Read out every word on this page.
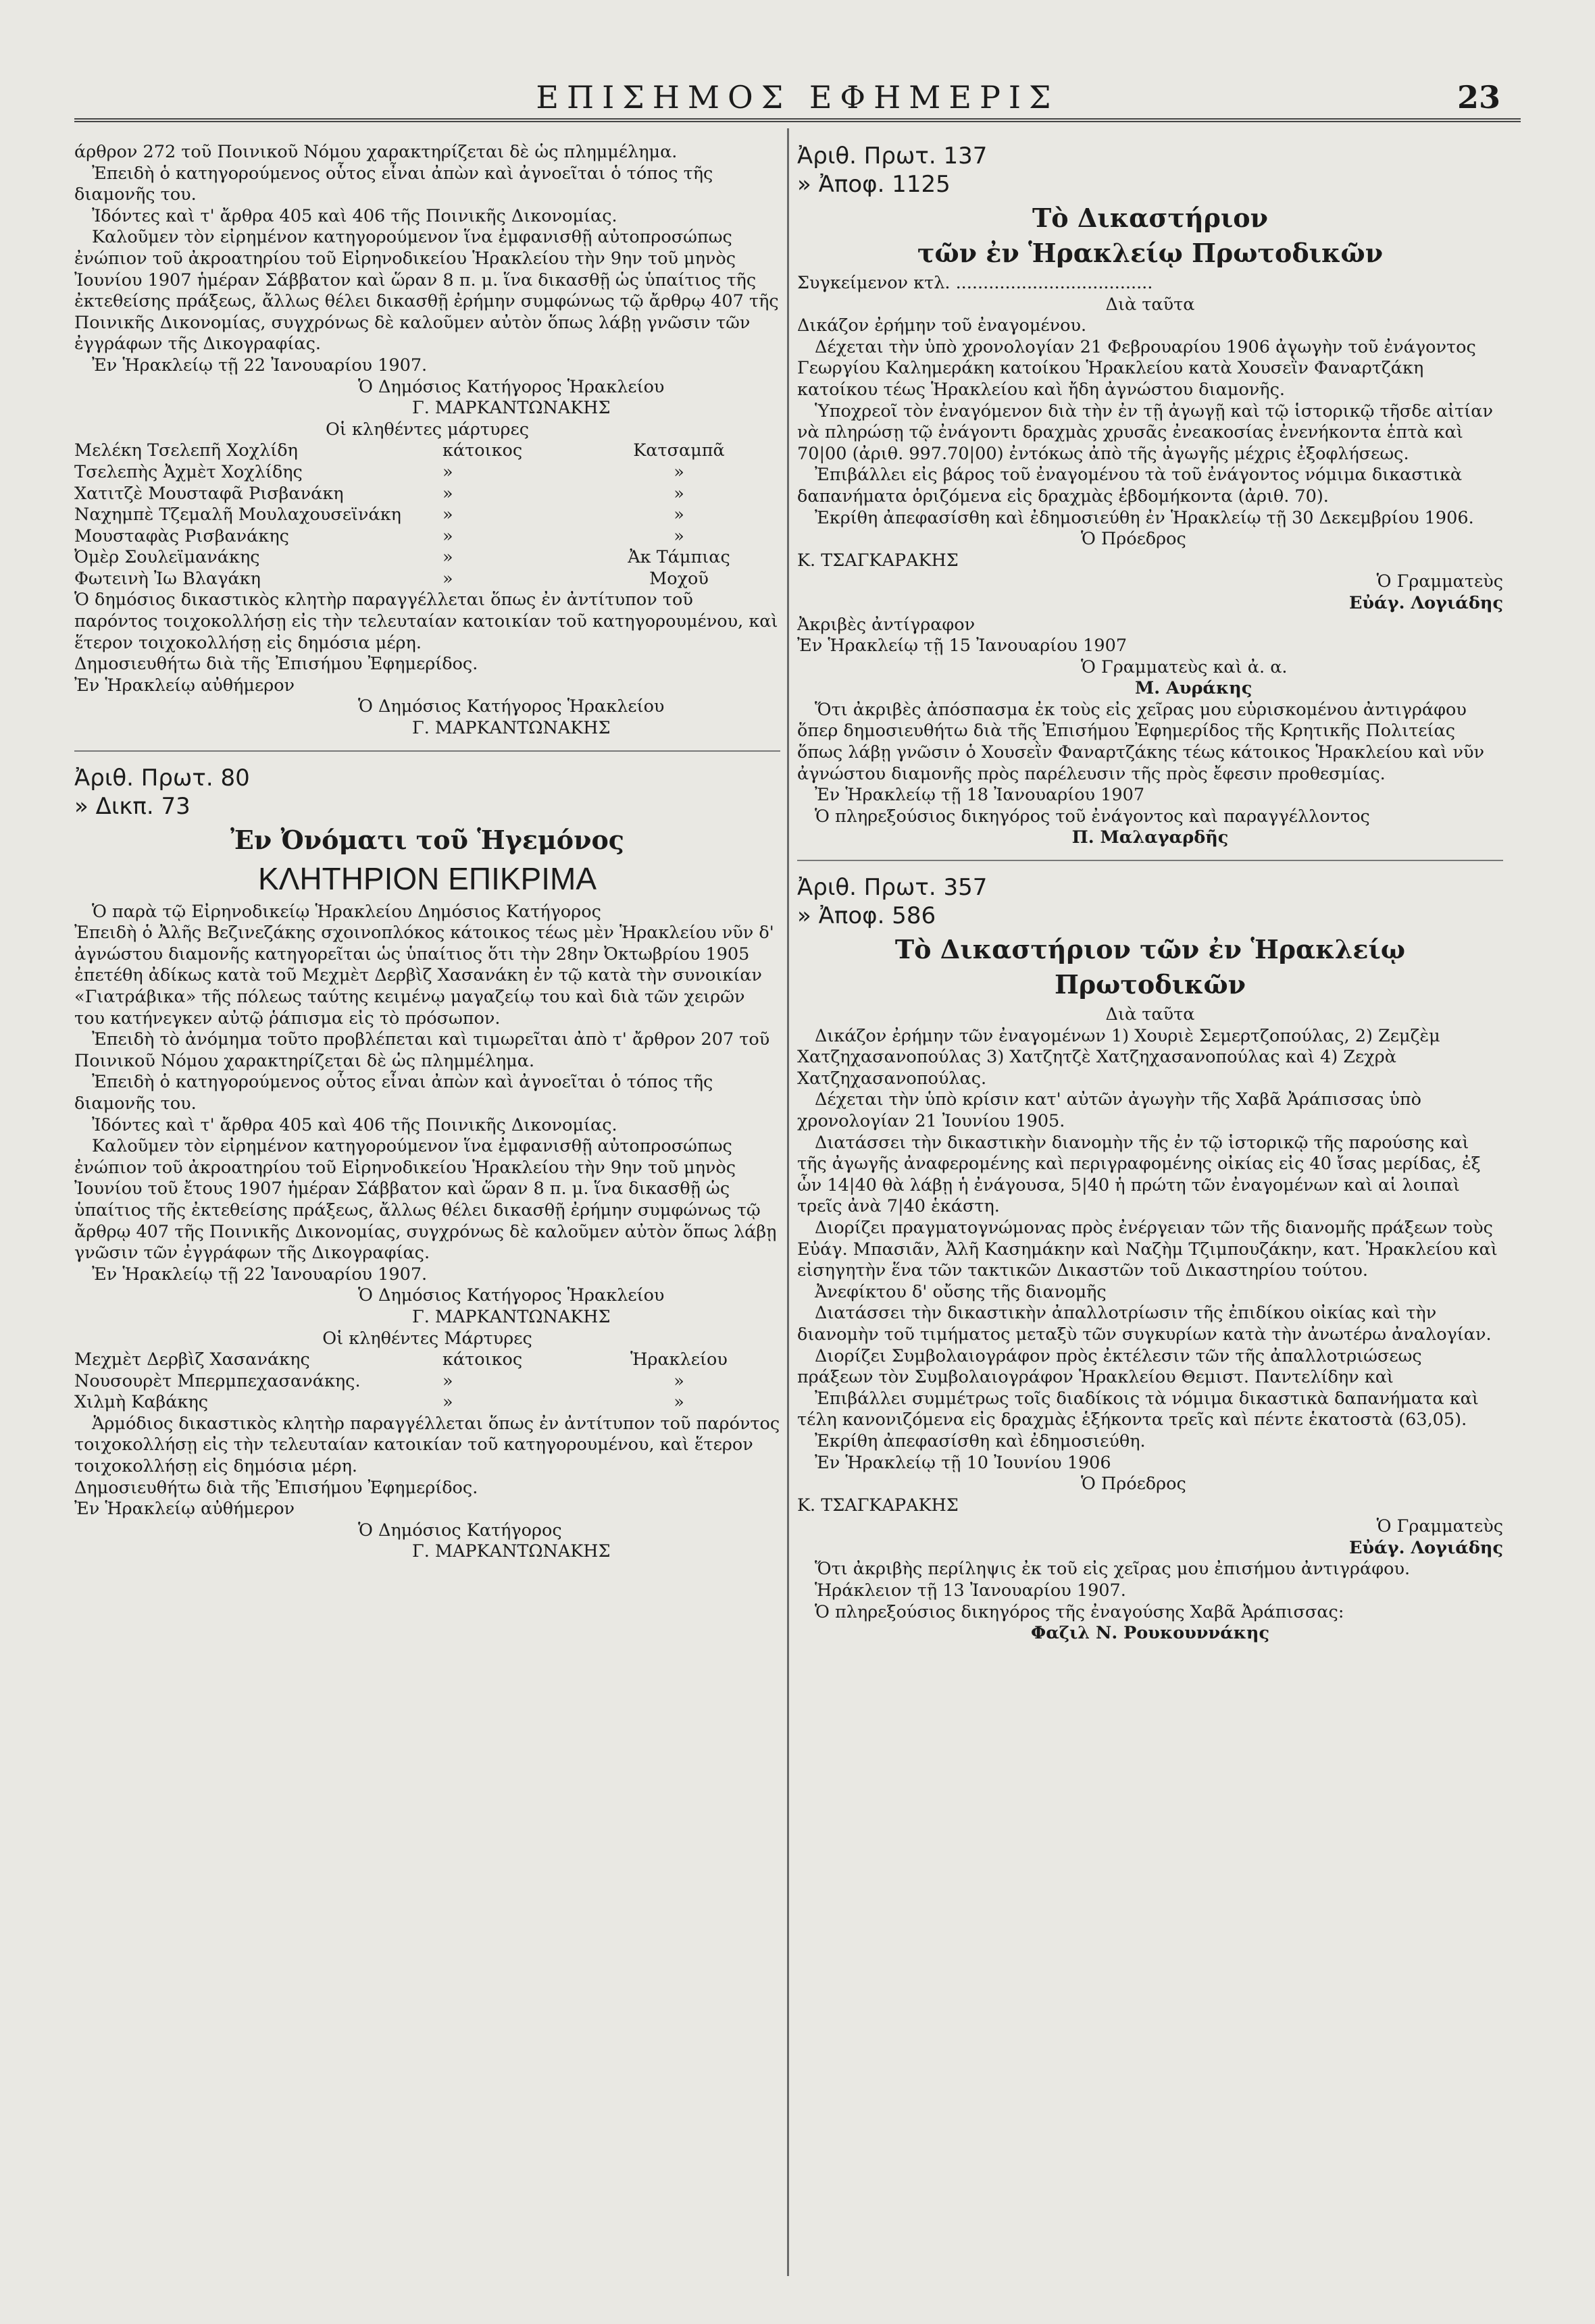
ΕΠΙΣΗΜΟΣ ΕΦΗΜΕΡΙΣ	23

άρθρον 272 τοῦ Ποινικοῦ Νόμου χαρακτηρίζεται δὲ ὡς πλημμέλημα.

Ἐπειδὴ ὁ κατηγορούμενος οὗτος εἶναι ἀπὼν καὶ ἀγνοεῖται ὁ τόπος τῆς διαμονῆς του.

Ἰδόντες καὶ τ' ἄρθρα 405 καὶ 406 τῆς Ποινικῆς Δικονομίας.

Καλοῦμεν τὸν εἰρημένον κατηγορούμενον ἵνα ἐμφανισθῇ αὐτοπροσώπως ἐνώπιον τοῦ ἀκροατηρίου τοῦ Εἰρηνοδικείου Ἡρακλείου τὴν 9ην τοῦ μηνὸς Ἰουνίου 1907 ἡμέραν Σάββατον καὶ ὥραν 8 π. μ. ἵνα δικασθῇ ὡς ὑπαίτιος τῆς ἐκτεθείσης πράξεως, ἄλλως θέλει δικασθῇ ἐρήμην συμφώνως τῷ ἄρθρῳ 407 τῆς Ποινικῆς Δικονομίας, συγχρόνως δὲ καλοῦμεν αὐτὸν ὅπως λάβῃ γνῶσιν τῶν ἐγγράφων τῆς Δικογραφίας.

Ἐν Ἡρακλείῳ τῇ 22 Ἰανουαρίου 1907.

Ὁ Δημόσιος Κατήγορος Ἡρακλείου

Γ. ΜΑΡΚΑΝΤΩΝΑΚΗΣ

Οἱ κληθέντες μάρτυρες

Μελέκη Τσελεπῆ Χοχλίδη	κάτοικος	Κατσαμπᾶ

Τσελεπὴς Ἀχμὲτ Χοχλίδης	»	»

Χατιτζὲ Μουσταφᾶ Ρισβανάκη	»	»

Ναχημπὲ Τζεμαλῆ Μουλαχουσεϊνάκη	»	»

Μουσταφὰς Ρισβανάκης	»	»

Ὀμὲρ Σουλεϊμανάκης	»	Ἀκ Τάμπιας

Φωτεινὴ Ἰω Βλαγάκη	»	Μοχοῦ

Ὁ δημόσιος δικαστικὸς κλητὴρ παραγγέλλεται ὅπως ἐν ἀντίτυπον τοῦ παρόντος τοιχοκολλήσῃ εἰς τὴν τελευταίαν κατοικίαν τοῦ κατηγορουμένου, καὶ ἕτερον τοιχοκολλήσῃ εἰς δημόσια μέρη.

Δημοσιευθήτω διὰ τῆς Ἐπισήμου Ἐφημερίδος.

Ἐν Ἡρακλείῳ αὐθήμερον

Ὁ Δημόσιος Κατήγορος Ἡρακλείου

Γ. ΜΑΡΚΑΝΤΩΝΑΚΗΣ

Ἀριθ. Πρωτ. 80

» Δικπ. 73

Ἐν Ὀνόματι τοῦ Ἡγεμόνος

ΚΛΗΤΗΡΙΟΝ ΕΠΙΚΡΙΜΑ

Ὁ παρὰ τῷ Εἰρηνοδικείῳ Ἡρακλείου Δημόσιος Κατήγορος

Ἐπειδὴ ὁ Ἀλῆς Βεζινεζάκης σχοινοπλόκος κάτοικος τέως μὲν Ἡρακλείου νῦν δ' ἀγνώστου διαμονῆς κατηγορεῖται ὡς ὑπαίτιος ὅτι τὴν 28ην Ὀκτωβρίου 1905 ἐπετέθη ἀδίκως κατὰ τοῦ Μεχμὲτ Δερβὶζ Χασανάκη ἐν τῷ κατὰ τὴν συνοικίαν «Γιατράβικα» τῆς πόλεως ταύτης κειμένῳ μαγαζείῳ του καὶ διὰ τῶν χειρῶν του κατήνεγκεν αὐτῷ ῥάπισμα εἰς τὸ πρόσωπον.

Ἐπειδὴ τὸ ἀνόμημα τοῦτο προβλέπεται καὶ τιμωρεῖται ἀπὸ τ' ἄρθρον 207 τοῦ Ποινικοῦ Νόμου χαρακτηρίζεται δὲ ὡς πλημμέλημα.

Ἐπειδὴ ὁ κατηγορούμενος οὗτος εἶναι ἀπὼν καὶ ἀγνοεῖται ὁ τόπος τῆς διαμονῆς του.

Ἰδόντες καὶ τ' ἄρθρα 405 καὶ 406 τῆς Ποινικῆς Δικονομίας.

Καλοῦμεν τὸν εἰρημένον κατηγορούμενον ἵνα ἐμφανισθῇ αὐτοπροσώπως ἐνώπιον τοῦ ἀκροατηρίου τοῦ Εἰρηνοδικείου Ἡρακλείου τὴν 9ην τοῦ μηνὸς Ἰουνίου τοῦ ἔτους 1907 ἡμέραν Σάββατον καὶ ὥραν 8 π. μ. ἵνα δικασθῇ ὡς ὑπαίτιος τῆς ἐκτεθείσης πράξεως, ἄλλως θέλει δικασθῇ ἐρήμην συμφώνως τῷ ἄρθρῳ 407 τῆς Ποινικῆς Δικονομίας, συγχρόνως δὲ καλοῦμεν αὐτὸν ὅπως λάβῃ γνῶσιν τῶν ἐγγράφων τῆς Δικογραφίας.

Ἐν Ἡρακλείῳ τῇ 22 Ἰανουαρίου 1907.

Ὁ Δημόσιος Κατήγορος Ἡρακλείου

Γ. ΜΑΡΚΑΝΤΩΝΑΚΗΣ

Οἱ κληθέντες Μάρτυρες

Μεχμὲτ Δερβὶζ Χασανάκης	κάτοικος	Ἡρακλείου

Νουσουρὲτ Μπερμπεχασανάκης.	»	»

Χιλμὴ Καβάκης	»	»

Ἁρμόδιος δικαστικὸς κλητὴρ παραγγέλλεται ὅπως ἐν ἀντίτυπον τοῦ παρόντος τοιχοκολλήσῃ εἰς τὴν τελευταίαν κατοικίαν τοῦ κατηγορουμένου, καὶ ἕτερον τοιχοκολλήσῃ εἰς δημόσια μέρη.

Δημοσιευθήτω διὰ τῆς Ἐπισήμου Ἐφημερίδος.

Ἐν Ἡρακλείῳ αὐθήμερον

Ὁ Δημόσιος Κατήγορος

Γ. ΜΑΡΚΑΝΤΩΝΑΚΗΣ

Ἀριθ. Πρωτ. 137

» Ἀποφ. 1125

Τὸ Δικαστήριον

τῶν ἐν Ἡρακλείῳ Πρωτοδικῶν

Συγκείμενον κτλ. ....................................

Διὰ ταῦτα

Δικάζον ἐρήμην τοῦ ἐναγομένου.

Δέχεται τὴν ὑπὸ χρονολογίαν 21 Φεβρουαρίου 1906 ἀγωγὴν τοῦ ἐνάγοντος Γεωργίου Καλημεράκη κατοίκου Ἡρακλείου κατὰ Χουσεῒν Φαναρτζάκη κατοίκου τέως Ἡρακλείου καὶ ἤδη ἀγνώστου διαμονῆς.

Ὑποχρεοῖ τὸν ἐναγόμενον διὰ τὴν ἐν τῇ ἀγωγῇ καὶ τῷ ἱστορικῷ τῆσδε αἰτίαν νὰ πληρώσῃ τῷ ἐνάγοντι δραχμὰς χρυσᾶς ἐνεακοσίας ἐνενήκοντα ἑπτὰ καὶ 70|00 (ἀριθ. 997.70|00) ἐντόκως ἀπὸ τῆς ἀγωγῆς μέχρις ἐξοφλήσεως.

Ἐπιβάλλει εἰς βάρος τοῦ ἐναγομένου τὰ τοῦ ἐνάγοντος νόμιμα δικαστικὰ δαπανήματα ὁριζόμενα εἰς δραχμὰς ἑβδομήκοντα (ἀριθ. 70).

Ἐκρίθη ἀπεφασίσθη καὶ ἐδημοσιεύθη ἐν Ἡρακλείῳ τῇ 30 Δεκεμβρίου 1906.

Ὁ Πρόεδρος

Κ. ΤΣΑΓΚΑΡΑΚΗΣ

Ὁ Γραμματεὺς

Εὐάγ. Λογιάδης

Ἀκριβὲς ἀντίγραφον

Ἐν Ἡρακλείῳ τῇ 15 Ἰανουαρίου 1907

Ὁ Γραμματεὺς καὶ ἀ. α.

Μ. Αυράκης

Ὅτι ἀκριβὲς ἀπόσπασμα ἐκ τοὺς εἰς χεῖρας μου εὑρισκομένου ἀντιγράφου ὅπερ δημοσιευθήτω διὰ τῆς Ἐπισήμου Ἐφημερίδος τῆς Κρητικῆς Πολιτείας ὅπως λάβῃ γνῶσιν ὁ Χουσεῒν Φαναρτζάκης τέως κάτοικος Ἡρακλείου καὶ νῦν ἀγνώστου διαμονῆς πρὸς παρέλευσιν τῆς πρὸς ἔφεσιν προθεσμίας.

Ἐν Ἡρακλείῳ τῇ 18 Ἰανουαρίου 1907

Ὁ πληρεξούσιος δικηγόρος τοῦ ἐνάγοντος καὶ παραγγέλλοντος

Π. Μαλαγαρδῆς

Ἀριθ. Πρωτ. 357

» Ἀποφ. 586

Τὸ Δικαστήριον τῶν ἐν Ἡρακλείῳ

Πρωτοδικῶν

Διὰ ταῦτα

Δικάζον ἐρήμην τῶν ἐναγομένων 1) Χουριὲ Σεμερτζοπούλας, 2) Ζεμζὲμ Χατζηχασανοπούλας 3) Χατζητζὲ Χατζηχασανοπούλας καὶ 4) Ζεχρὰ Χατζηχασανοπούλας.

Δέχεται τὴν ὑπὸ κρίσιν κατ' αὐτῶν ἀγωγὴν τῆς Χαβᾶ Ἀράπισσας ὑπὸ χρονολογίαν 21 Ἰουνίου 1905.

Διατάσσει τὴν δικαστικὴν διανομὴν τῆς ἐν τῷ ἱστορικῷ τῆς παρούσης καὶ τῆς ἀγωγῆς ἀναφερομένης καὶ περιγραφομένης οἰκίας εἰς 40 ἴσας μερίδας, ἐξ ὧν 14|40 θὰ λάβῃ ἡ ἐνάγουσα, 5|40 ἡ πρώτη τῶν ἐναγομένων καὶ αἱ λοιπαὶ τρεῖς ἀνὰ 7|40 ἑκάστη.

Διορίζει πραγματογνώμονας πρὸς ἐνέργειαν τῶν τῆς διανομῆς πράξεων τοὺς Εὐάγ. Μπασιᾶν, Ἀλῆ Κασημάκην καὶ Ναζὴμ Τζιμπουζάκην, κατ. Ἡρακλείου καὶ εἰσηγητὴν ἕνα τῶν τακτικῶν Δικαστῶν τοῦ Δικαστηρίου τούτου.

Ἀνεφίκτου δ' οὔσης τῆς διανομῆς

Διατάσσει τὴν δικαστικὴν ἀπαλλοτρίωσιν τῆς ἐπιδίκου οἰκίας καὶ τὴν διανομὴν τοῦ τιμήματος μεταξὺ τῶν συγκυρίων κατὰ τὴν ἀνωτέρω ἀναλογίαν.

Διορίζει Συμβολαιογράφον πρὸς ἐκτέλεσιν τῶν τῆς ἀπαλλοτριώσεως πράξεων τὸν Συμβολαιογράφον Ἡρακλείου Θεμιστ. Παντελίδην καὶ

Ἐπιβάλλει συμμέτρως τοῖς διαδίκοις τὰ νόμιμα δικαστικὰ δαπανήματα καὶ τέλη κανονιζόμενα εἰς δραχμὰς ἑξήκοντα τρεῖς καὶ πέντε ἑκατοστὰ (63,05).

Ἐκρίθη ἀπεφασίσθη καὶ ἐδημοσιεύθη.

Ἐν Ἡρακλείῳ τῇ 10 Ἰουνίου 1906

Ὁ Πρόεδρος

Κ. ΤΣΑΓΚΑΡΑΚΗΣ

Ὁ Γραμματεὺς

Εὐάγ. Λογιάδης

Ὅτι ἀκριβὴς περίληψις ἐκ τοῦ εἰς χεῖρας μου ἐπισήμου ἀντιγράφου.

Ἡράκλειον τῇ 13 Ἰανουαρίου 1907.

Ὁ πληρεξούσιος δικηγόρος τῆς ἐναγούσης Χαβᾶ Ἀράπισσας:

Φαζιλ Ν. Ρουκουννάκης
